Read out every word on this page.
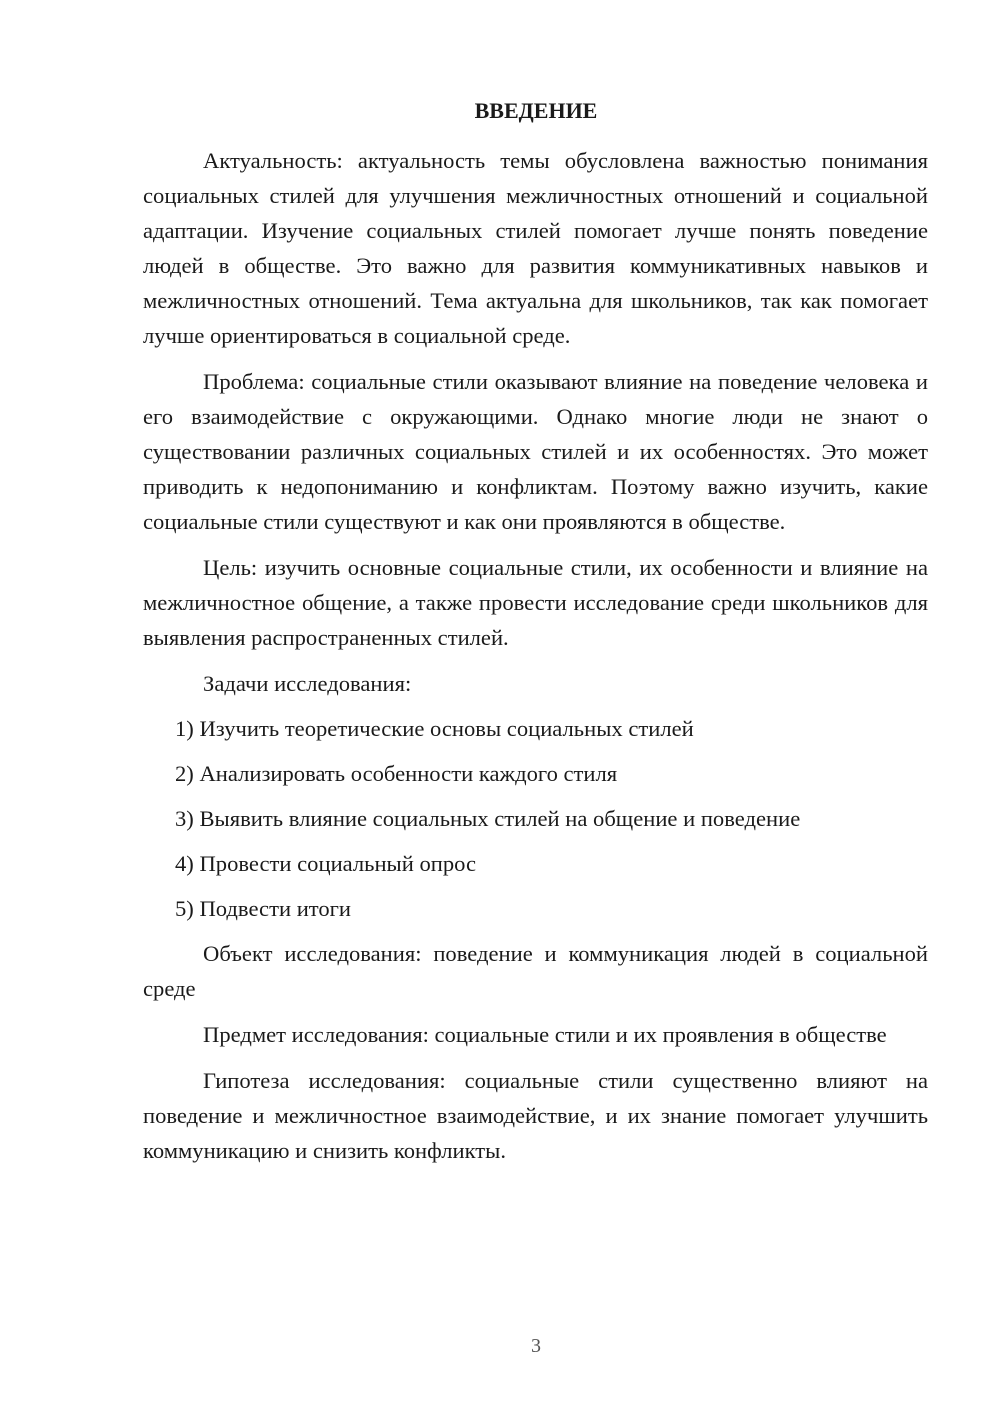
ВВЕДЕНИЕ

Актуальность: актуальность темы обусловлена важностью понимания социальных стилей для улучшения межличностных отношений и социальной адаптации. Изучение социальных стилей помогает лучше понять поведение людей в обществе. Это важно для развития коммуникативных навыков и межличностных отношений. Тема актуальна для школьников, так как помогает лучше ориентироваться в социальной среде.

Проблема: социальные стили оказывают влияние на поведение человека и его взаимодействие с окружающими. Однако многие люди не знают о существовании различных социальных стилей и их особенностях. Это может приводить к недопониманию и конфликтам. Поэтому важно изучить, какие социальные стили существуют и как они проявляются в обществе.

Цель: изучить основные социальные стили, их особенности и влияние на межличностное общение, а также провести исследование среди школьников для выявления распространенных стилей.

Задачи исследования:

1) Изучить теоретические основы социальных стилей

2) Анализировать особенности каждого стиля

3) Выявить влияние социальных стилей на общение и поведение

4) Провести социальный опрос

5) Подвести итоги

Объект исследования: поведение и коммуникация людей в социальной среде

Предмет исследования: социальные стили и их проявления в обществе

Гипотеза исследования: социальные стили существенно влияют на поведение и межличностное взаимодействие, и их знание помогает улучшить коммуникацию и снизить конфликты.

3
